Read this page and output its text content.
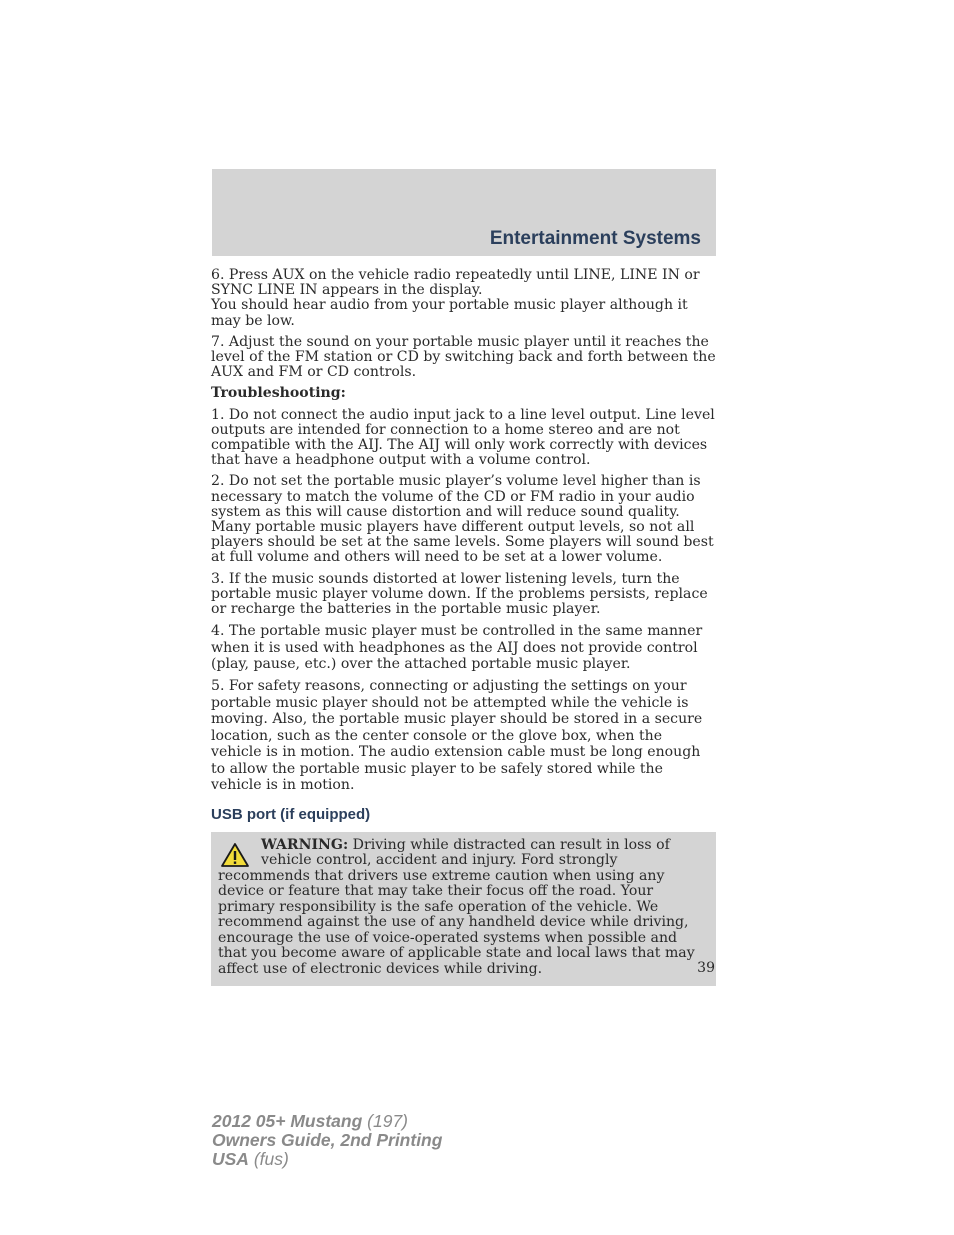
Entertainment Systems

6. Press AUX on the vehicle radio repeatedly until LINE, LINE IN or SYNC LINE IN appears in the display.
You should hear audio from your portable music player although it may be low.

7. Adjust the sound on your portable music player until it reaches the level of the FM station or CD by switching back and forth between the AUX and FM or CD controls.

Troubleshooting:

1. Do not connect the audio input jack to a line level output. Line level outputs are intended for connection to a home stereo and are not compatible with the AIJ. The AIJ will only work correctly with devices that have a headphone output with a volume control.

2. Do not set the portable music player’s volume level higher than is necessary to match the volume of the CD or FM radio in your audio system as this will cause distortion and will reduce sound quality. Many portable music players have different output levels, so not all players should be set at the same levels. Some players will sound best at full volume and others will need to be set at a lower volume.

3. If the music sounds distorted at lower listening levels, turn the portable music player volume down. If the problems persists, replace or recharge the batteries in the portable music player.

4. The portable music player must be controlled in the same manner when it is used with headphones as the AIJ does not provide control (play, pause, etc.) over the attached portable music player.

5. For safety reasons, connecting or adjusting the settings on your portable music player should not be attempted while the vehicle is moving. Also, the portable music player should be stored in a secure location, such as the center console or the glove box, when the vehicle is in motion. The audio extension cable must be long enough to allow the portable music player to be safely stored while the vehicle is in motion.

USB port (if equipped)

WARNING: Driving while distracted can result in loss of vehicle control, accident and injury. Ford strongly recommends that drivers use extreme caution when using any device or feature that may take their focus off the road. Your primary responsibility is the safe operation of the vehicle. We recommend against the use of any handheld device while driving, encourage the use of voice-operated systems when possible and that you become aware of applicable state and local laws that may affect use of electronic devices while driving.	39
2012 05+ Mustang (197)
Owners Guide, 2nd Printing
USA (fus)
